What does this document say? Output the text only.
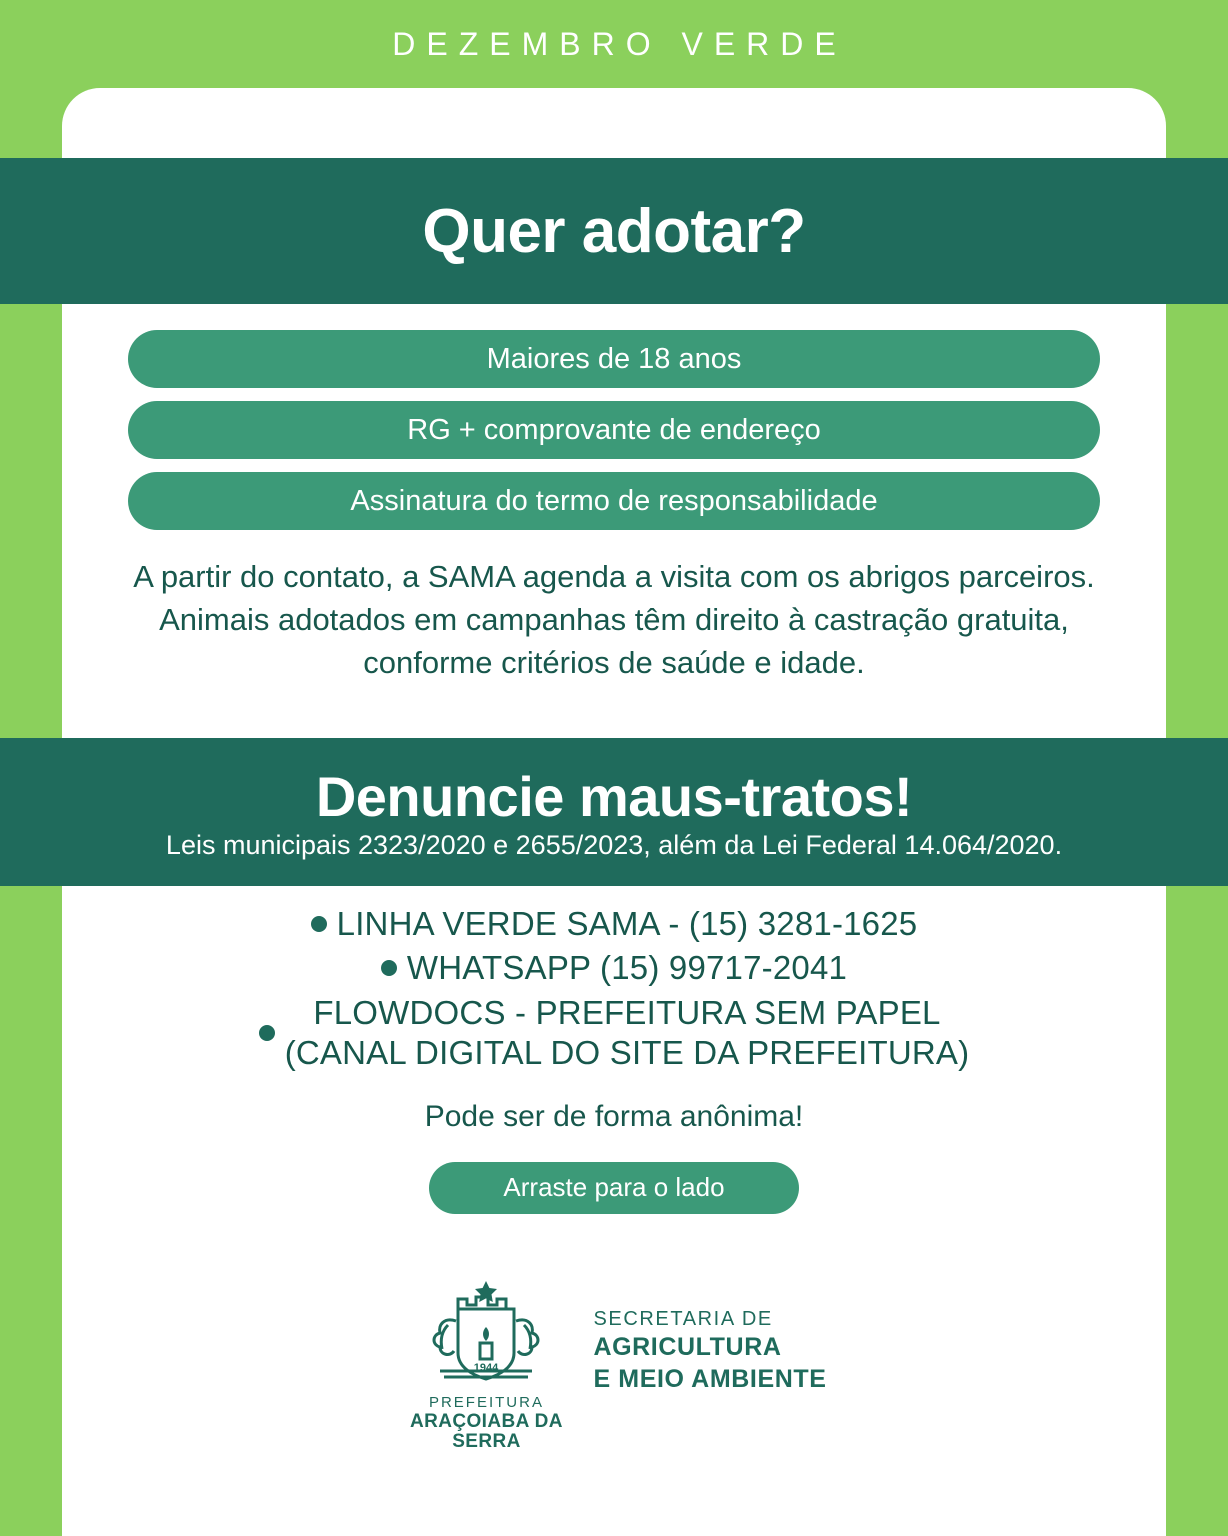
DEZEMBRO VERDE
Quer adotar?
Maiores de 18 anos
RG + comprovante de endereço
Assinatura do termo de responsabilidade
A partir do contato, a SAMA agenda a visita com os abrigos parceiros. Animais adotados em campanhas têm direito à castração gratuita, conforme critérios de saúde e idade.
Denuncie maus-tratos!
Leis municipais 2323/2020 e 2655/2023, além da Lei Federal 14.064/2020.
LINHA VERDE SAMA - (15) 3281-1625
WHATSAPP (15) 99717-2041
FLOWDOCS - PREFEITURA SEM PAPEL
(CANAL DIGITAL DO SITE DA PREFEITURA)
Pode ser de forma anônima!
Arraste para o lado
1944
PREFEITURA
ARAÇOIABA DA SERRA
SECRETARIA DE
AGRICULTURA
E MEIO AMBIENTE
